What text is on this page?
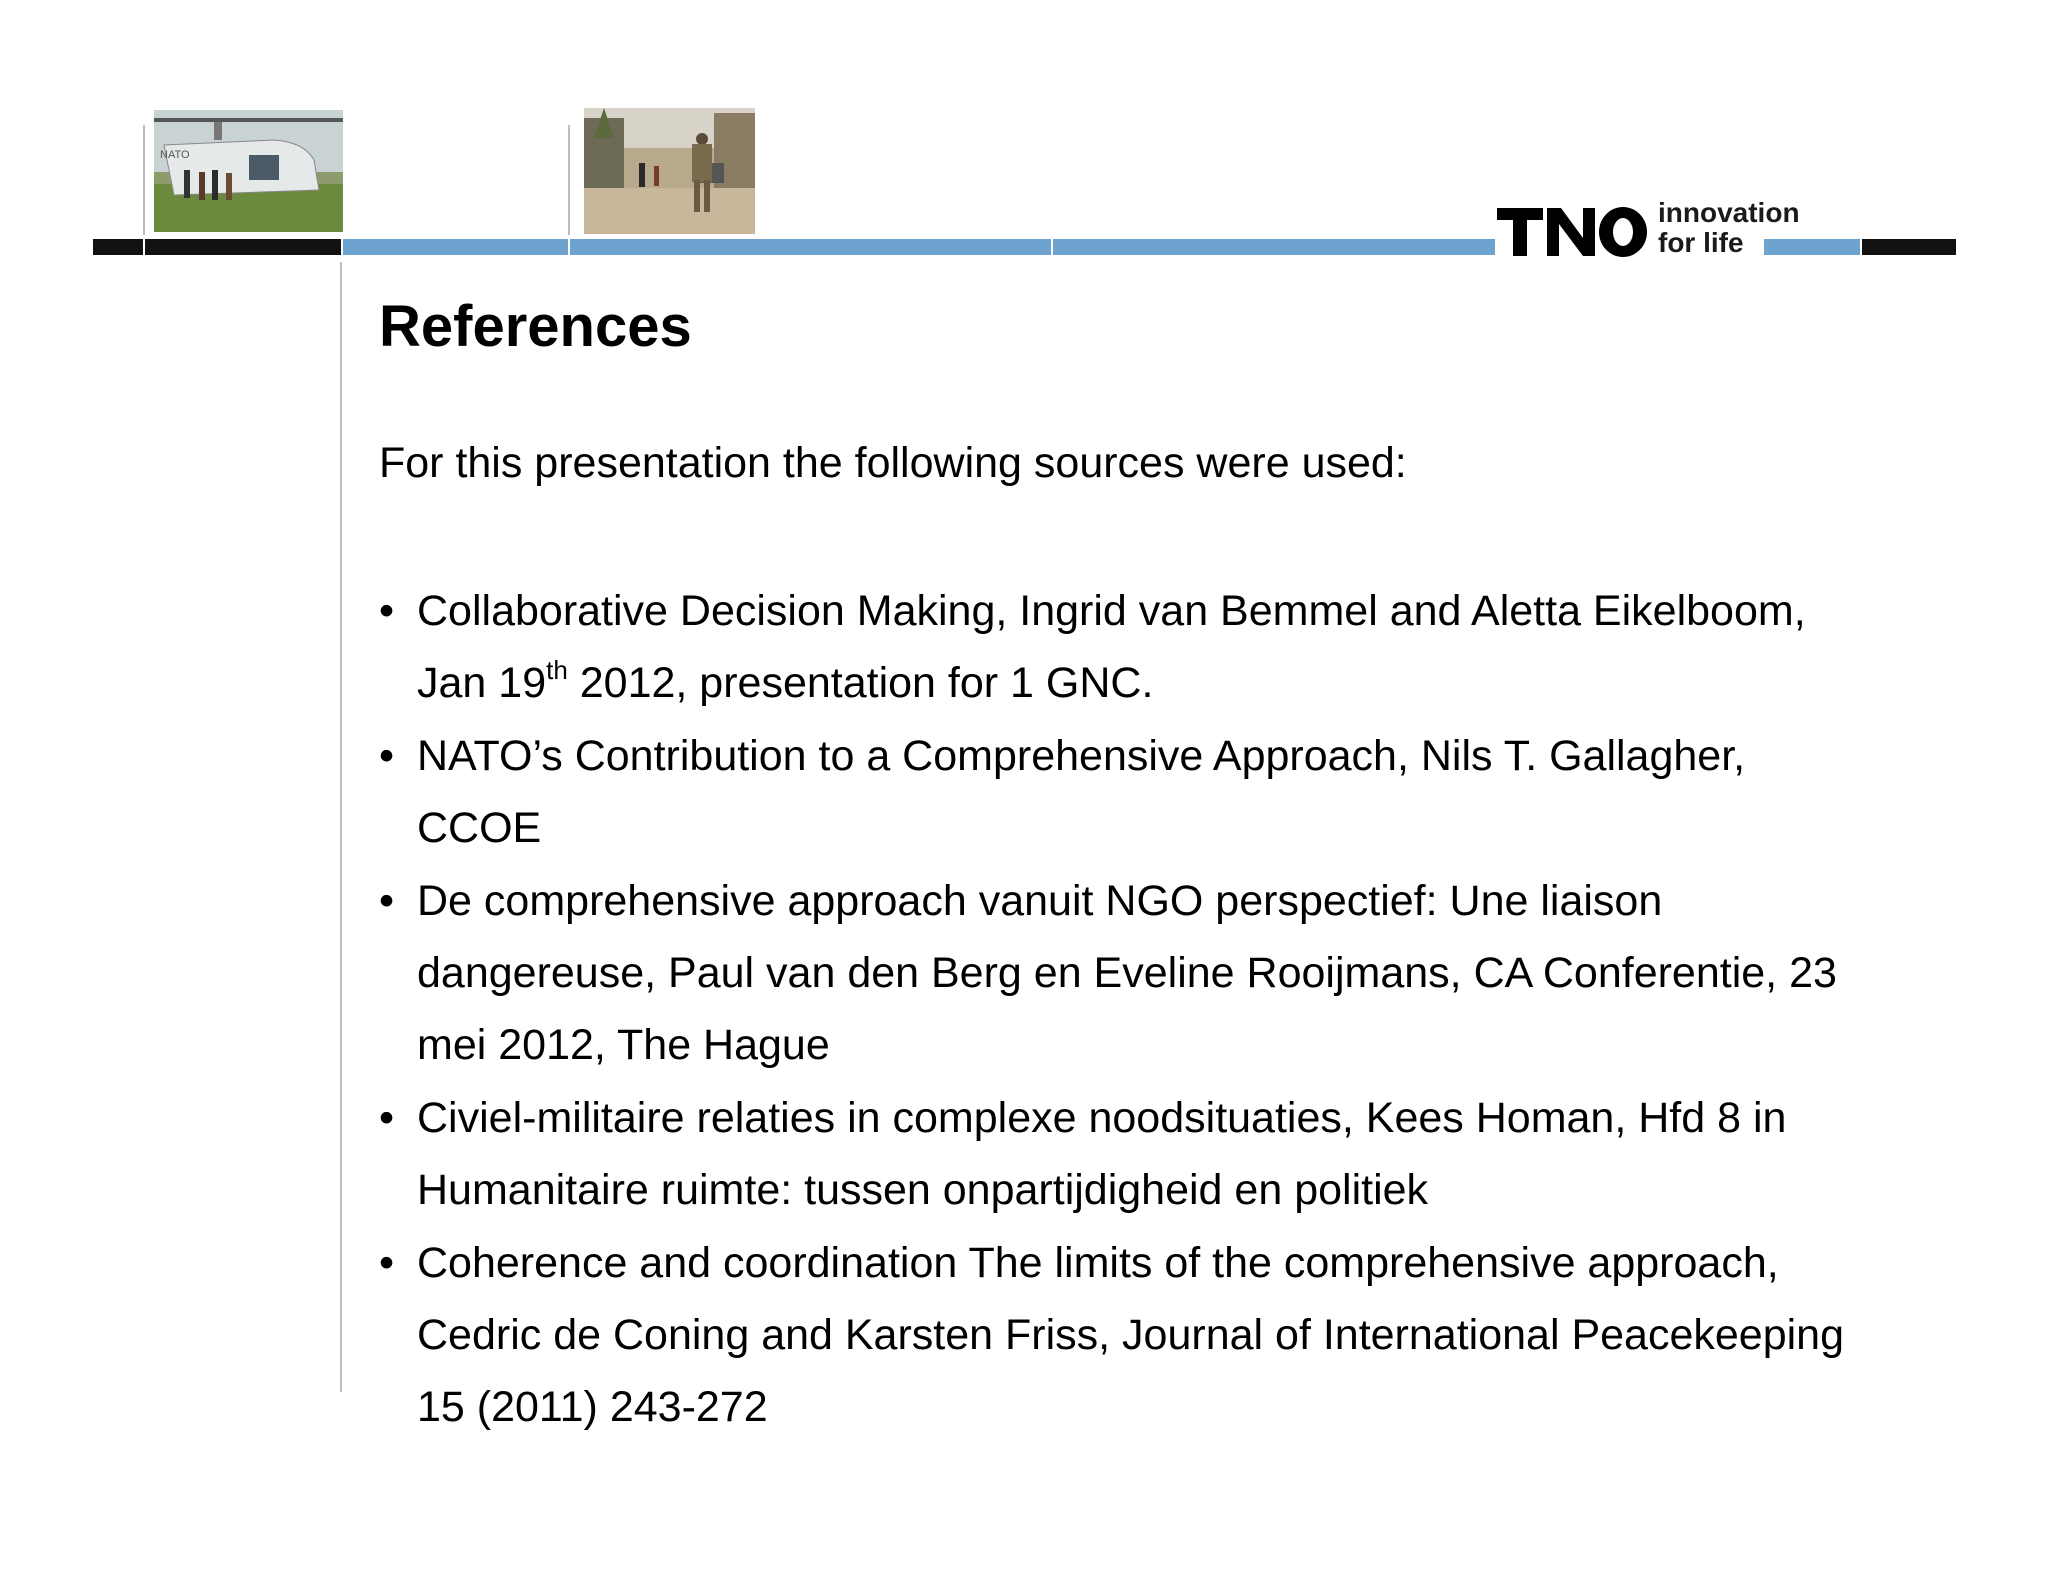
NATO
innovation
for life
References

For this presentation the following sources were used:

• Collaborative Decision Making, Ingrid van Bemmel and Aletta Eikelboom, Jan 19th 2012, presentation for 1 GNC.
• NATO’s Contribution to a Comprehensive Approach, Nils T. Gallagher, CCOE
• De comprehensive approach vanuit NGO perspectief: Une liaison dangereuse, Paul van den Berg en Eveline Rooijmans, CA Conferentie, 23 mei 2012, The Hague
• Civiel-militaire relaties in complexe noodsituaties, Kees Homan, Hfd 8 in Humanitaire ruimte: tussen onpartijdigheid en politiek
• Coherence and coordination The limits of the comprehensive approach, Cedric de Coning and Karsten Friss, Journal of International Peacekeeping 15 (2011) 243-272
